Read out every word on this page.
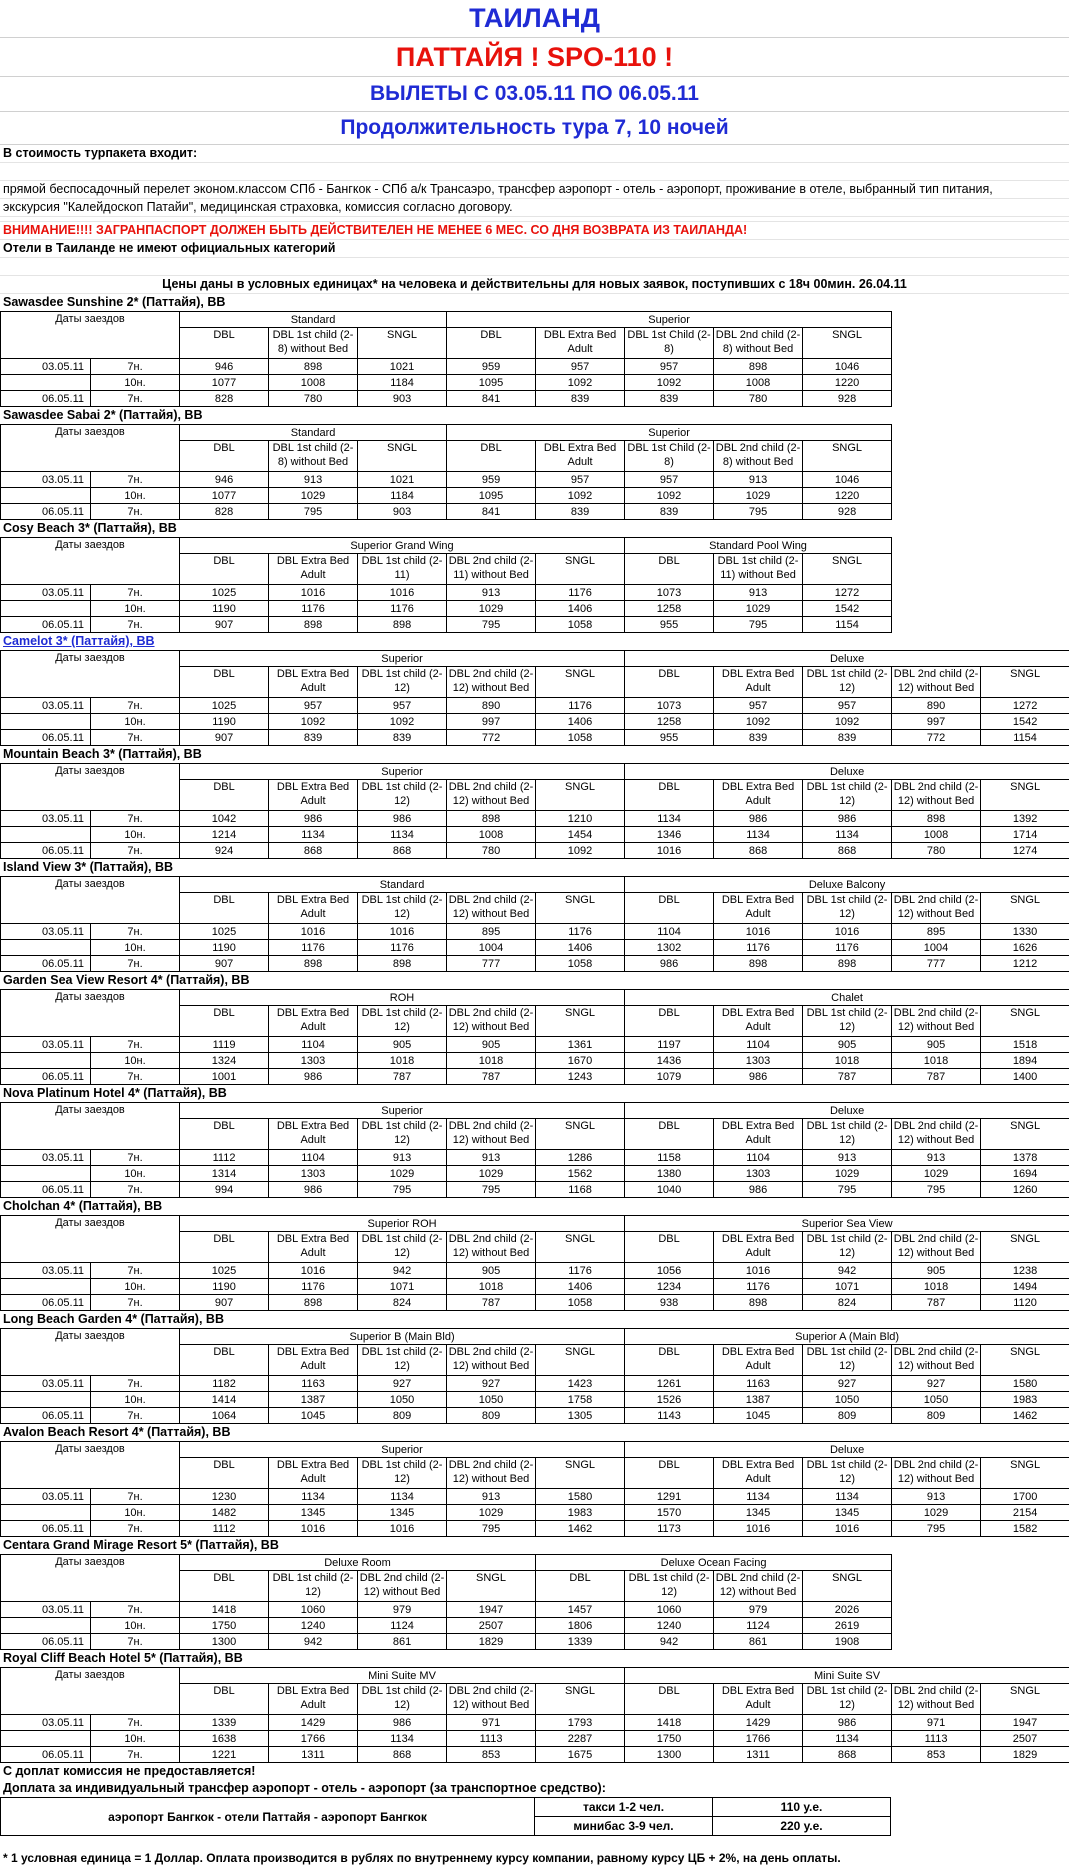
ТАИЛАНД
ПАТТАЙЯ ! SPO-110 !
ВЫЛЕТЫ С 03.05.11 ПО 06.05.11
Продолжительность тура 7, 10 ночей
В стоимость турпакета входит:
прямой беспосадочный перелет эконом.классом СПб - Бангкок - СПб а/к Трансаэро, трансфер аэропорт - отель - аэропорт, проживание в отеле, выбранный тип питания,
экскурсия "Калейдоскоп Патайи", медицинская страховка, комиссия согласно договору.
ВНИМАНИЕ!!!! ЗАГРАНПАСПОРТ ДОЛЖЕН БЫТЬ ДЕЙСТВИТЕЛЕН НЕ МЕНЕЕ 6 МЕС. СО ДНЯ ВОЗВРАТА ИЗ ТАИЛАНДА!
Отели в Таиланде не имеют официальных категорий
Цены даны в условных единицах* на человека и действительны для новых заявок, поступивших с 18ч 00мин. 26.04.11
Sawasdee Sunshine 2* (Паттайя), BB
Даты заездов		Standard			Superior				
		DBL	DBL 1st child (2-8) without Bed	SNGL	DBL	DBL Extra Bed Adult	DBL 1st Child (2-8)	DBL 2nd child (2-8) without Bed	SNGL
03.05.11	7н.	946	898	1021	959	957	957	898	1046
	10н.	1077	1008	1184	1095	1092	1092	1008	1220
06.05.11	7н.	828	780	903	841	839	839	780	928
Sawasdee Sabai 2* (Паттайя), BB
Даты заездов		Standard			Superior				
		DBL	DBL 1st child (2-8) without Bed	SNGL	DBL	DBL Extra Bed Adult	DBL 1st Child (2-8)	DBL 2nd child (2-8) without Bed	SNGL
03.05.11	7н.	946	913	1021	959	957	957	913	1046
	10н.	1077	1029	1184	1095	1092	1092	1029	1220
06.05.11	7н.	828	795	903	841	839	839	795	928
Cosy Beach 3* (Паттайя), BB
Даты заездов		Superior Grand Wing					Standard Pool Wing		
		DBL	DBL Extra Bed Adult	DBL 1st child (2-11)	DBL 2nd child (2-11) without Bed	SNGL	DBL	DBL 1st child (2-11) without Bed	SNGL
03.05.11	7н.	1025	1016	1016	913	1176	1073	913	1272
	10н.	1190	1176	1176	1029	1406	1258	1029	1542
06.05.11	7н.	907	898	898	795	1058	955	795	1154
Camelot 3* (Паттайя), BB
Даты заездов		Superior					Deluxe				
		DBL	DBL Extra Bed Adult	DBL 1st child (2-12)	DBL 2nd child (2-12) without Bed	SNGL	DBL	DBL Extra Bed Adult	DBL 1st child (2-12)	DBL 2nd child (2-12) without Bed	SNGL
03.05.11	7н.	1025	957	957	890	1176	1073	957	957	890	1272
	10н.	1190	1092	1092	997	1406	1258	1092	1092	997	1542
06.05.11	7н.	907	839	839	772	1058	955	839	839	772	1154
Mountain Beach 3* (Паттайя), BB
Даты заездов		Superior					Deluxe				
		DBL	DBL Extra Bed Adult	DBL 1st child (2-12)	DBL 2nd child (2-12) without Bed	SNGL	DBL	DBL Extra Bed Adult	DBL 1st child (2-12)	DBL 2nd child (2-12) without Bed	SNGL
03.05.11	7н.	1042	986	986	898	1210	1134	986	986	898	1392
	10н.	1214	1134	1134	1008	1454	1346	1134	1134	1008	1714
06.05.11	7н.	924	868	868	780	1092	1016	868	868	780	1274
Island View 3* (Паттайя), BB
Даты заездов		Standard					Deluxe Balcony				
		DBL	DBL Extra Bed Adult	DBL 1st child (2-12)	DBL 2nd child (2-12) without Bed	SNGL	DBL	DBL Extra Bed Adult	DBL 1st child (2-12)	DBL 2nd child (2-12) without Bed	SNGL
03.05.11	7н.	1025	1016	1016	895	1176	1104	1016	1016	895	1330
	10н.	1190	1176	1176	1004	1406	1302	1176	1176	1004	1626
06.05.11	7н.	907	898	898	777	1058	986	898	898	777	1212
Garden Sea View Resort 4* (Паттайя), BB
Даты заездов		ROH					Chalet				
		DBL	DBL Extra Bed Adult	DBL 1st child (2-12)	DBL 2nd child (2-12) without Bed	SNGL	DBL	DBL Extra Bed Adult	DBL 1st child (2-12)	DBL 2nd child (2-12) without Bed	SNGL
03.05.11	7н.	1119	1104	905	905	1361	1197	1104	905	905	1518
	10н.	1324	1303	1018	1018	1670	1436	1303	1018	1018	1894
06.05.11	7н.	1001	986	787	787	1243	1079	986	787	787	1400
Nova Platinum Hotel 4* (Паттайя), BB
Даты заездов		Superior					Deluxe				
		DBL	DBL Extra Bed Adult	DBL 1st child (2-12)	DBL 2nd child (2-12) without Bed	SNGL	DBL	DBL Extra Bed Adult	DBL 1st child (2-12)	DBL 2nd child (2-12) without Bed	SNGL
03.05.11	7н.	1112	1104	913	913	1286	1158	1104	913	913	1378
	10н.	1314	1303	1029	1029	1562	1380	1303	1029	1029	1694
06.05.11	7н.	994	986	795	795	1168	1040	986	795	795	1260
Cholchan 4* (Паттайя), BB
Даты заездов		Superior ROH					Superior Sea View				
		DBL	DBL Extra Bed Adult	DBL 1st child (2-12)	DBL 2nd child (2-12) without Bed	SNGL	DBL	DBL Extra Bed Adult	DBL 1st child (2-12)	DBL 2nd child (2-12) without Bed	SNGL
03.05.11	7н.	1025	1016	942	905	1176	1056	1016	942	905	1238
	10н.	1190	1176	1071	1018	1406	1234	1176	1071	1018	1494
06.05.11	7н.	907	898	824	787	1058	938	898	824	787	1120
Long Beach Garden 4* (Паттайя), BB
Даты заездов		Superior B (Main Bld)					Superior A (Main Bld)				
		DBL	DBL Extra Bed Adult	DBL 1st child (2-12)	DBL 2nd child (2-12) without Bed	SNGL	DBL	DBL Extra Bed Adult	DBL 1st child (2-12)	DBL 2nd child (2-12) without Bed	SNGL
03.05.11	7н.	1182	1163	927	927	1423	1261	1163	927	927	1580
	10н.	1414	1387	1050	1050	1758	1526	1387	1050	1050	1983
06.05.11	7н.	1064	1045	809	809	1305	1143	1045	809	809	1462
Avalon Beach Resort 4* (Паттайя), BB
Даты заездов		Superior					Deluxe				
		DBL	DBL Extra Bed Adult	DBL 1st child (2-12)	DBL 2nd child (2-12) without Bed	SNGL	DBL	DBL Extra Bed Adult	DBL 1st child (2-12)	DBL 2nd child (2-12) without Bed	SNGL
03.05.11	7н.	1230	1134	1134	913	1580	1291	1134	1134	913	1700
	10н.	1482	1345	1345	1029	1983	1570	1345	1345	1029	2154
06.05.11	7н.	1112	1016	1016	795	1462	1173	1016	1016	795	1582
Centara Grand Mirage Resort 5* (Паттайя), BB
Даты заездов		Deluxe Room				Deluxe Ocean Facing			
		DBL	DBL 1st child (2-12)	DBL 2nd child (2-12) without Bed	SNGL	DBL	DBL 1st child (2-12)	DBL 2nd child (2-12) without Bed	SNGL
03.05.11	7н.	1418	1060	979	1947	1457	1060	979	2026
	10н.	1750	1240	1124	2507	1806	1240	1124	2619
06.05.11	7н.	1300	942	861	1829	1339	942	861	1908
Royal Cliff Beach Hotel 5* (Паттайя), BB
Даты заездов		Mini Suite MV					Mini Suite SV				
		DBL	DBL Extra Bed Adult	DBL 1st child (2-12)	DBL 2nd child (2-12) without Bed	SNGL	DBL	DBL Extra Bed Adult	DBL 1st child (2-12)	DBL 2nd child (2-12) without Bed	SNGL
03.05.11	7н.	1339	1429	986	971	1793	1418	1429	986	971	1947
	10н.	1638	1766	1134	1113	2287	1750	1766	1134	1113	2507
06.05.11	7н.	1221	1311	868	853	1675	1300	1311	868	853	1829
С доплат комиссия не предоставляется!
Доплата за индивидуальный трансфер аэропорт - отель - аэропорт (за транспортное средство):
аэропорт Бангкок - отели Паттайя - аэропорт Бангкок	такси 1-2 чел.	110 у.е.
	минибас 3-9 чел.	220 у.е.
* 1 условная единица = 1 Доллар. Оплата производится в рублях по внутреннему курсу компании, равному курсу ЦБ + 2%, на день оплаты.
